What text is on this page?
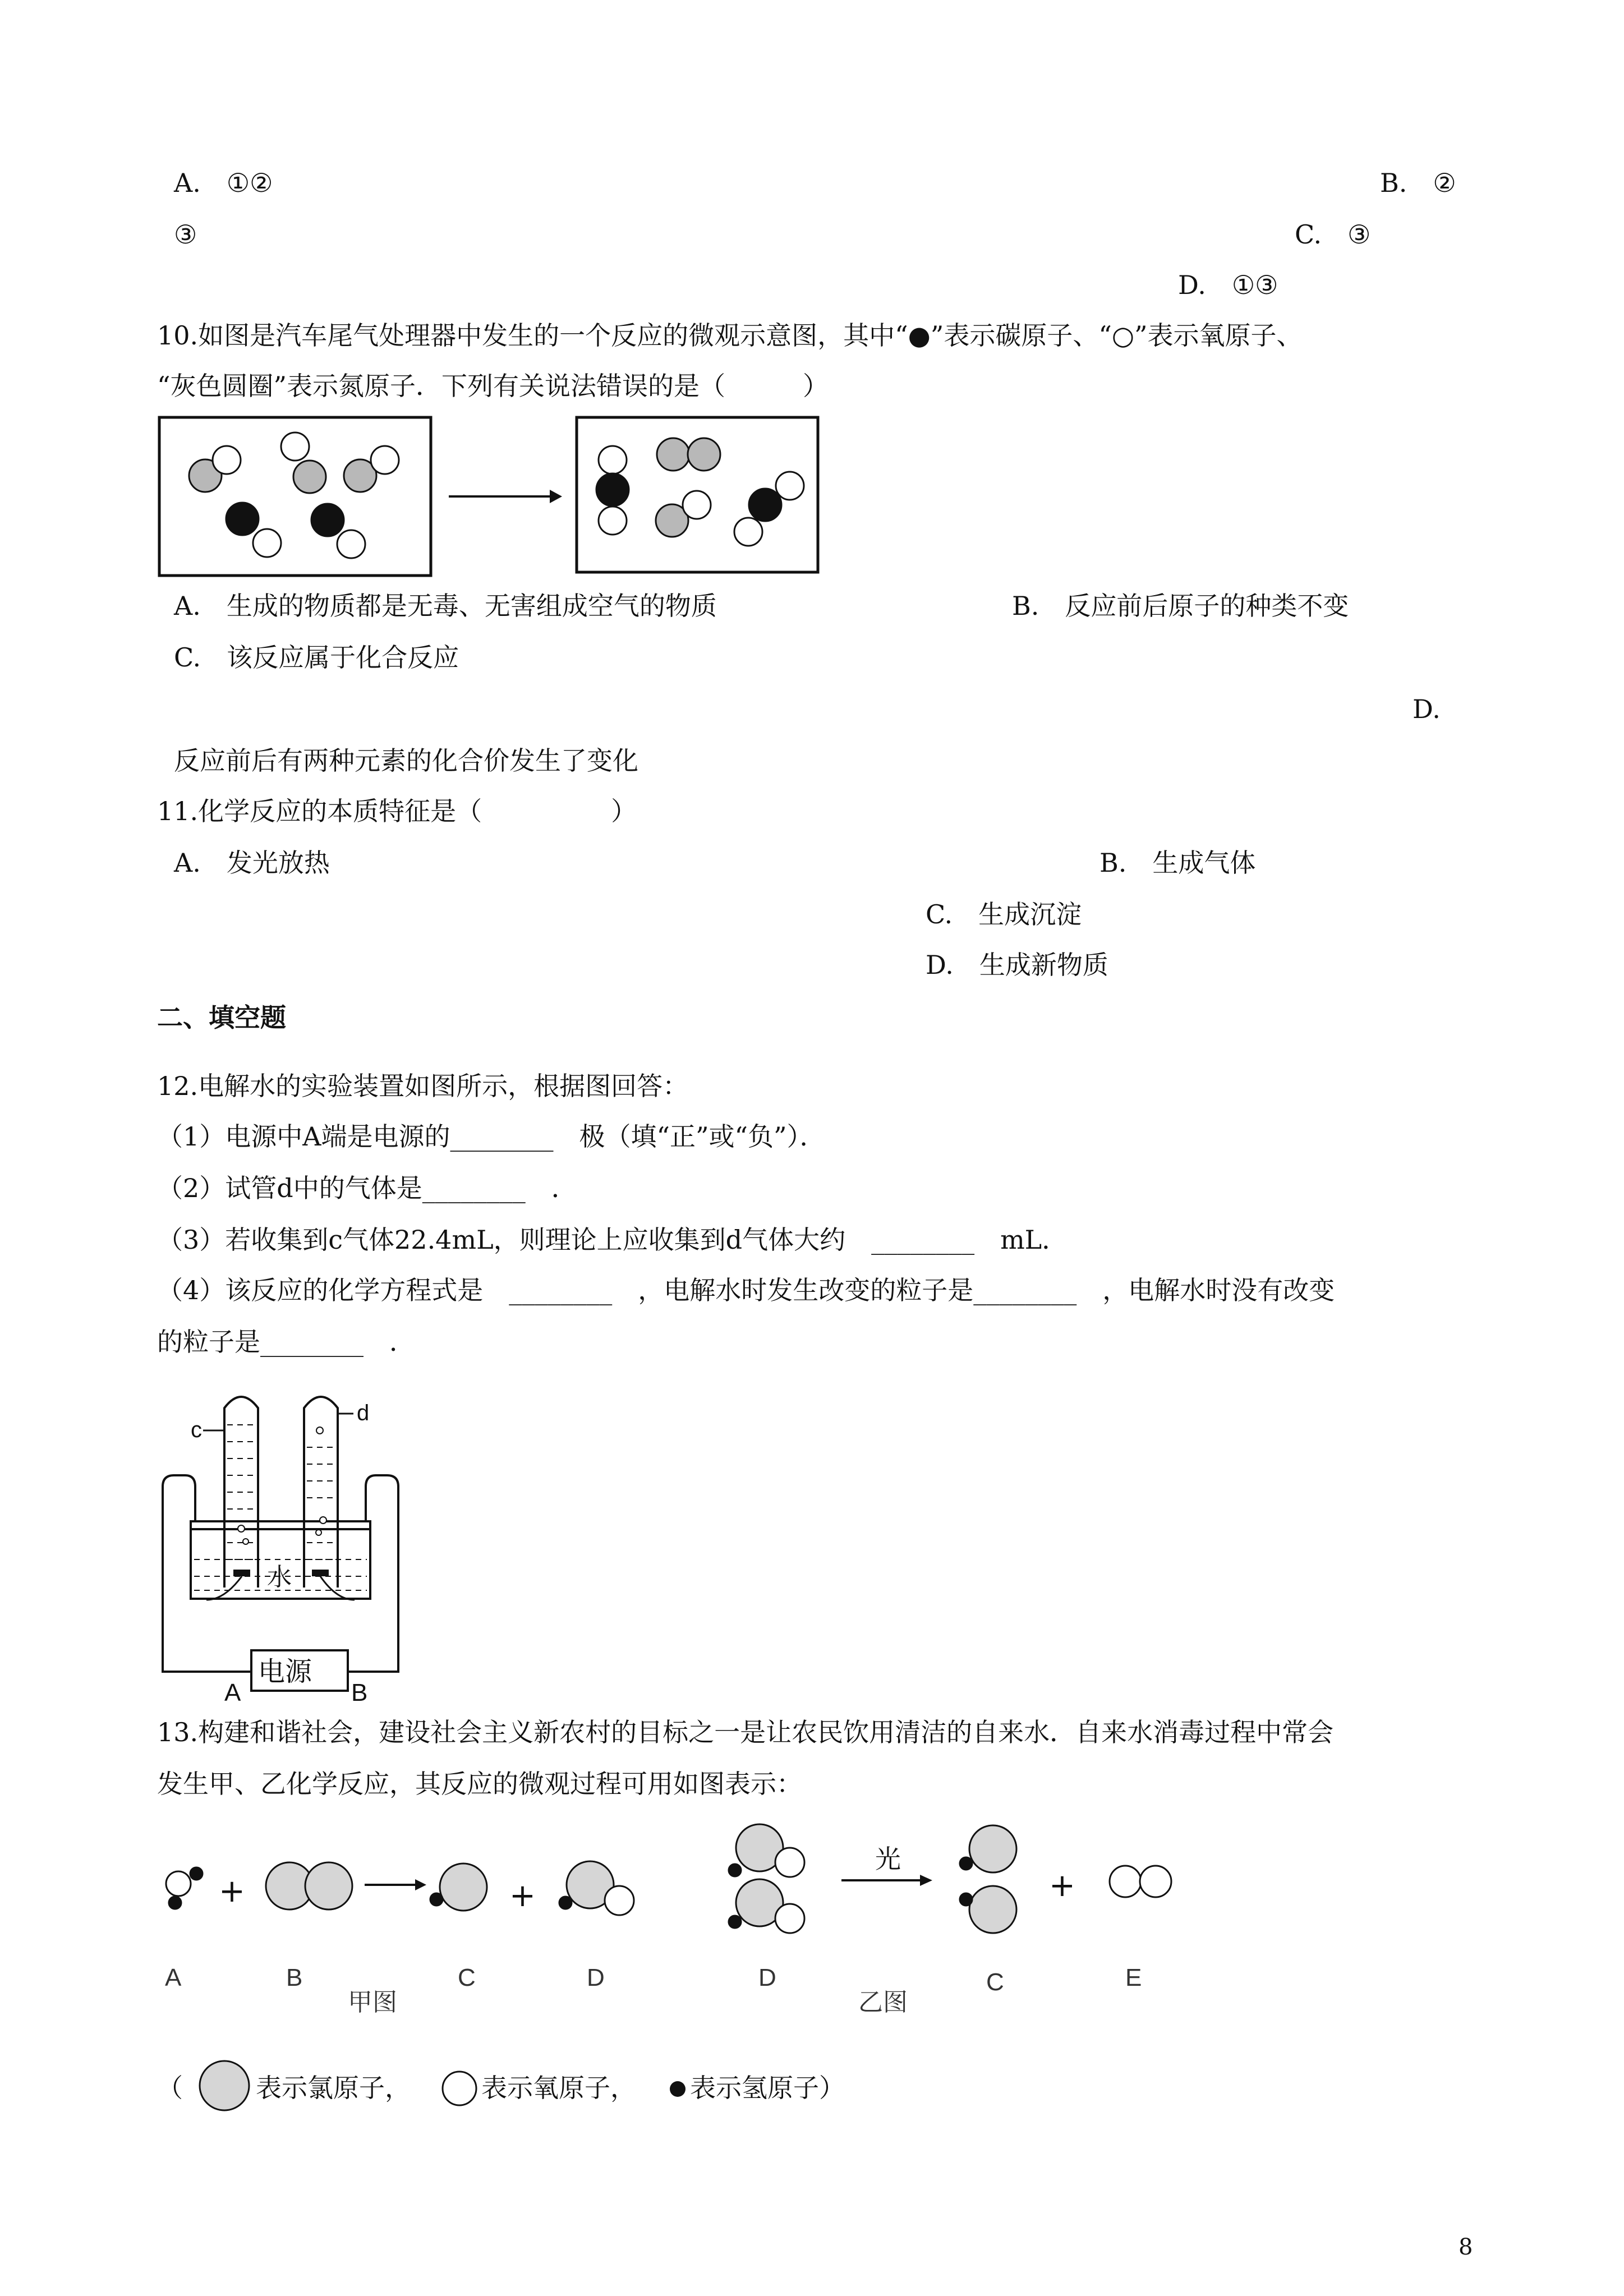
A. ①②	B. ②
③	C. ③
D. ①③
10.如图是汽车尾气处理器中发生的一个反应的微观示意图，其中“●”表示碳原子、“○”表示氧原子、
“灰色圆圈”表示氮原子．下列有关说法错误的是（　　　）
A. 生成的物质都是无毒、无害组成空气的物质	B. 反应前后原子的种类不变
C. 该反应属于化合反应
D.
反应前后有两种元素的化合价发生了变化
11.化学反应的本质特征是（　　　　　）
A. 发光放热	B. 生成气体
C. 生成沉淀
D. 生成新物质
二、填空题
12.电解水的实验装置如图所示，根据图回答：
（1）电源中A端是电源的________　极（填“正”或“负”）．
（2）试管d中的气体是________　．
（3）若收集到c气体22.4mL，则理论上应收集到d气体大约　________　mL．
（4）该反应的化学方程式是　________　，电解水时发生改变的粒子是________　，电解水时没有改变
的粒子是________　．
c
d
水
电源
A	B
13.构建和谐社会，建设社会主义新农村的目标之一是让农民饮用清洁的自来水．自来水消毒过程中常会
发生甲、乙化学反应，其反应的微观过程可用如图表示：
+	+	+
光
A	B	C	D	D	C	E
甲图	乙图
（	表示氯原子，	表示氧原子， 表示氢原子）
8
